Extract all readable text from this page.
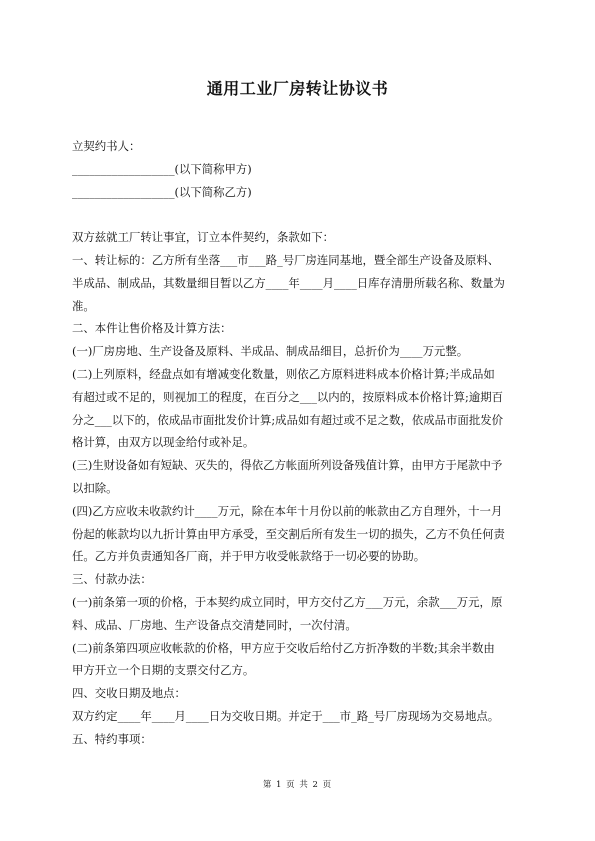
通用工业厂房转让协议书
立契约书人：
__________________(以下简称甲方)
__________________(以下简称乙方)
双方兹就工厂转让事宜，订立本件契约，条款如下：
一、转让标的：乙方所有坐落___市___路_号厂房连同基地，暨全部生产设备及原料、
半成品、制成品，其数量细目暂以乙方____年____月____日库存清册所载名称、数量为
准。
二、本件让售价格及计算方法：
(一)厂房房地、生产设备及原料、半成品、制成品细目，总折价为____万元整。
(二)上列原料，经盘点如有增减变化数量，则依乙方原料进料成本价格计算;半成品如
有超过或不足的，则视加工的程度，在百分之___以内的，按原料成本价格计算;逾期百
分之___以下的，依成品市面批发价计算;成品如有超过或不足之数，依成品市面批发价
格计算，由双方以现金给付或补足。
(三)生财设备如有短缺、灭失的，得依乙方帐面所列设备残值计算，由甲方于尾款中予
以扣除。
(四)乙方应收未收款约计____万元，除在本年十月份以前的帐款由乙方自理外，十一月
份起的帐款均以九折计算由甲方承受，至交割后所有发生一切的损失，乙方不负任何责
任。乙方并负责通知各厂商，并于甲方收受帐款络于一切必要的协助。
三、付款办法：
(一)前条第一项的价格，于本契约成立同时，甲方交付乙方___万元，余款___万元，原
料、成品、厂房地、生产设备点交清楚同时，一次付清。
(二)前条第四项应收帐款的价格，甲方应于交收后给付乙方折净数的半数;其余半数由
甲方开立一个日期的支票交付乙方。
四、交收日期及地点：
双方约定____年____月____日为交收日期。并定于___市_路_号厂房现场为交易地点。
五、特约事项：
第 1 页 共 2 页
